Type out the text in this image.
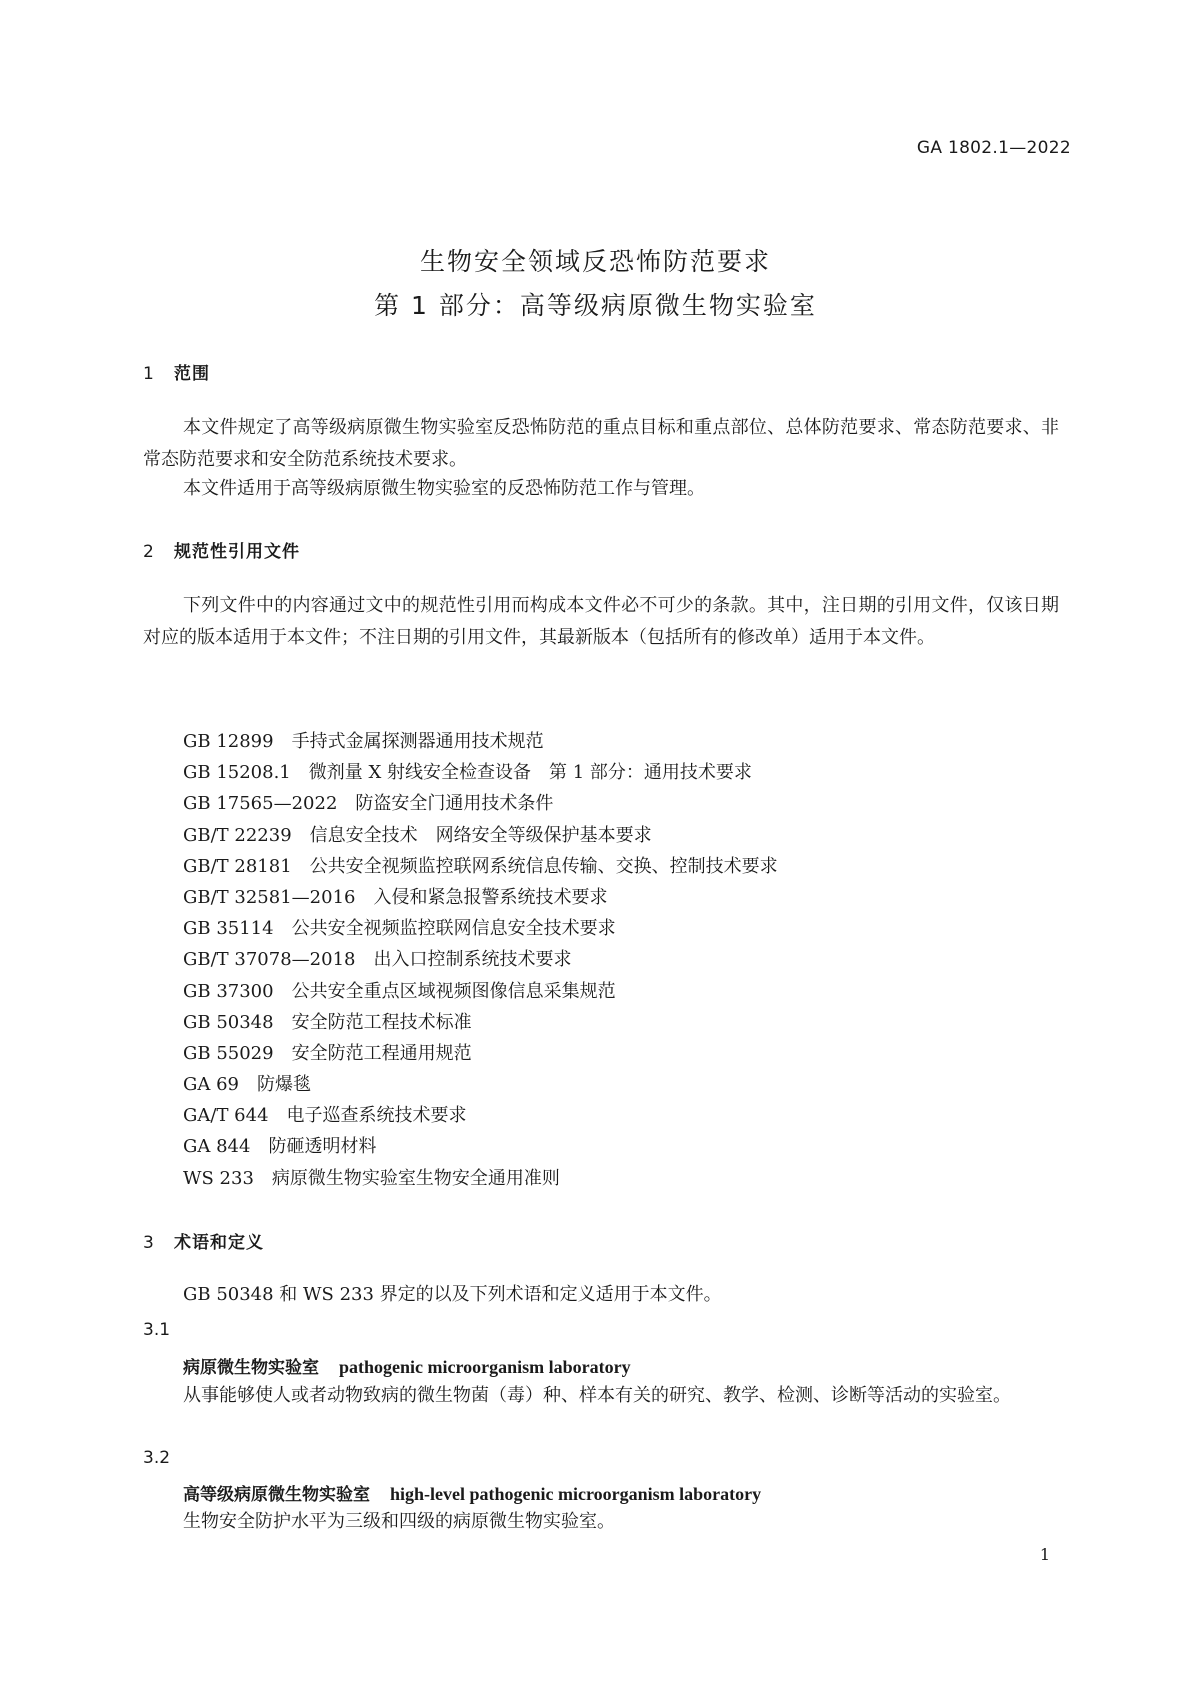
GA 1802.1—2022
生物安全领域反恐怖防范要求
第 1 部分：高等级病原微生物实验室
1 范围

本文件规定了高等级病原微生物实验室反恐怖防范的重点目标和重点部位、总体防范要求、常态防范要求、非常态防范要求和安全防范系统技术要求。

本文件适用于高等级病原微生物实验室的反恐怖防范工作与管理。

2 规范性引用文件

下列文件中的内容通过文中的规范性引用而构成本文件必不可少的条款。其中，注日期的引用文件，仅该日期对应的版本适用于本文件；不注日期的引用文件，其最新版本（包括所有的修改单）适用于本文件。

GB 12899 手持式金属探测器通用技术规范
GB 15208.1 微剂量 X 射线安全检查设备　第 1 部分：通用技术要求
GB 17565—2022 防盗安全门通用技术条件
GB/T 22239 信息安全技术　网络安全等级保护基本要求
GB/T 28181 公共安全视频监控联网系统信息传输、交换、控制技术要求
GB/T 32581—2016 入侵和紧急报警系统技术要求
GB 35114 公共安全视频监控联网信息安全技术要求
GB/T 37078—2018 出入口控制系统技术要求
GB 37300 公共安全重点区域视频图像信息采集规范
GB 50348 安全防范工程技术标准
GB 55029 安全防范工程通用规范
GA 69 防爆毯
GA/T 644 电子巡查系统技术要求
GA 844 防砸透明材料
WS 233 病原微生物实验室生物安全通用准则
3 术语和定义

GB 50348 和 WS 233 界定的以及下列术语和定义适用于本文件。

3.1
病原微生物实验室 pathogenic microorganism laboratory

从事能够使人或者动物致病的微生物菌（毒）种、样本有关的研究、教学、检测、诊断等活动的实验室。

3.2
高等级病原微生物实验室 high-level pathogenic microorganism laboratory

生物安全防护水平为三级和四级的病原微生物实验室。

1
